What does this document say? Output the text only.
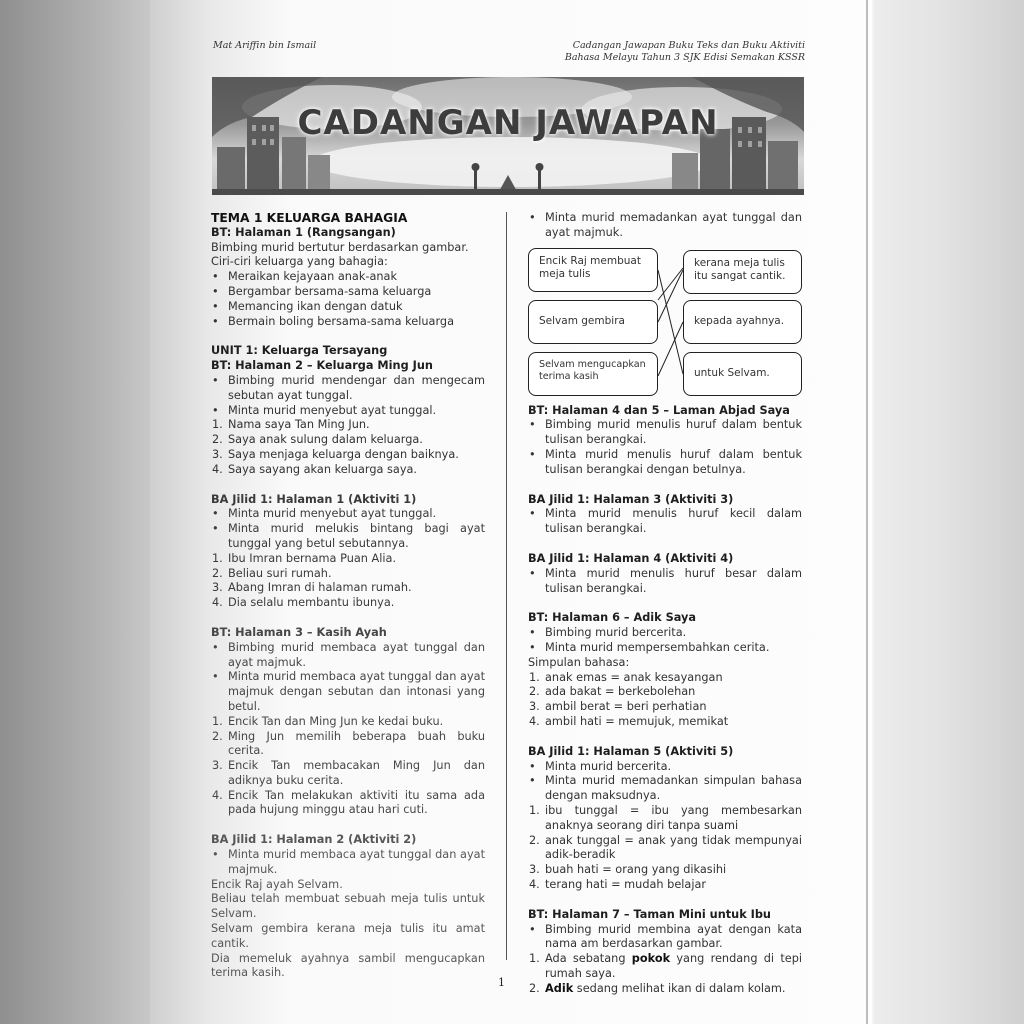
Mat Ariffin bin Ismail	Cadangan Jawapan Buku Teks dan Buku Aktiviti
Bahasa Melayu Tahun 3 SJK Edisi Semakan KSSR
CADANGAN JAWAPAN
TEMA 1 KELUARGA BAHAGIA
BT: Halaman 1 (Rangsangan)
Bimbing murid bertutur berdasarkan gambar.
Ciri-ciri keluarga yang bahagia:
• Meraikan kejayaan anak-anak
• Bergambar bersama-sama keluarga
• Memancing ikan dengan datuk
• Bermain boling bersama-sama keluarga
UNIT 1: Keluarga Tersayang
BT: Halaman 2 – Keluarga Ming Jun
• Bimbing murid mendengar dan mengecam sebutan ayat tunggal.
• Minta murid menyebut ayat tunggal.
1. Nama saya Tan Ming Jun.
2. Saya anak sulung dalam keluarga.
3. Saya menjaga keluarga dengan baiknya.
4. Saya sayang akan keluarga saya.
BA Jilid 1: Halaman 1 (Aktiviti 1)
• Minta murid menyebut ayat tunggal.
• Minta murid melukis bintang bagi ayat tunggal yang betul sebutannya.
1. Ibu Imran bernama Puan Alia.
2. Beliau suri rumah.
3. Abang Imran di halaman rumah.
4. Dia selalu membantu ibunya.
BT: Halaman 3 – Kasih Ayah
• Bimbing murid membaca ayat tunggal dan ayat majmuk.
• Minta murid membaca ayat tunggal dan ayat majmuk dengan sebutan dan intonasi yang betul.
1. Encik Tan dan Ming Jun ke kedai buku.
2. Ming Jun memilih beberapa buah buku cerita.
3. Encik Tan membacakan Ming Jun dan adiknya buku cerita.
4. Encik Tan melakukan aktiviti itu sama ada pada hujung minggu atau hari cuti.
BA Jilid 1: Halaman 2 (Aktiviti 2)
• Minta murid membaca ayat tunggal dan ayat majmuk.
Encik Raj ayah Selvam.
Beliau telah membuat sebuah meja tulis untuk Selvam.
Selvam gembira kerana meja tulis itu amat cantik.
Dia memeluk ayahnya sambil mengucapkan terima kasih.
• Minta murid memadankan ayat tunggal dan ayat majmuk.
Encik Raj membuat meja tulis
Selvam gembira
Selvam mengucapkan terima kasih
kerana meja tulis itu sangat cantik.
kepada ayahnya.
untuk Selvam.
BT: Halaman 4 dan 5 – Laman Abjad Saya
• Bimbing murid menulis huruf dalam bentuk tulisan berangkai.
• Minta murid menulis huruf dalam bentuk tulisan berangkai dengan betulnya.
BA Jilid 1: Halaman 3 (Aktiviti 3)
• Minta murid menulis huruf kecil dalam tulisan berangkai.
BA Jilid 1: Halaman 4 (Aktiviti 4)
• Minta murid menulis huruf besar dalam tulisan berangkai.
BT: Halaman 6 – Adik Saya
• Bimbing murid bercerita.
• Minta murid mempersembahkan cerita.
Simpulan bahasa:
1. anak emas = anak kesayangan
2. ada bakat = berkebolehan
3. ambil berat = beri perhatian
4. ambil hati = memujuk, memikat
BA Jilid 1: Halaman 5 (Aktiviti 5)
• Minta murid bercerita.
• Minta murid memadankan simpulan bahasa dengan maksudnya.
1. ibu tunggal = ibu yang membesarkan anaknya seorang diri tanpa suami
2. anak tunggal = anak yang tidak mempunyai adik-beradik
3. buah hati = orang yang dikasihi
4. terang hati = mudah belajar
BT: Halaman 7 – Taman Mini untuk Ibu
• Bimbing murid membina ayat dengan kata nama am berdasarkan gambar.
1. Ada sebatang pokok yang rendang di tepi rumah saya.
2. Adik sedang melihat ikan di dalam kolam.
1
